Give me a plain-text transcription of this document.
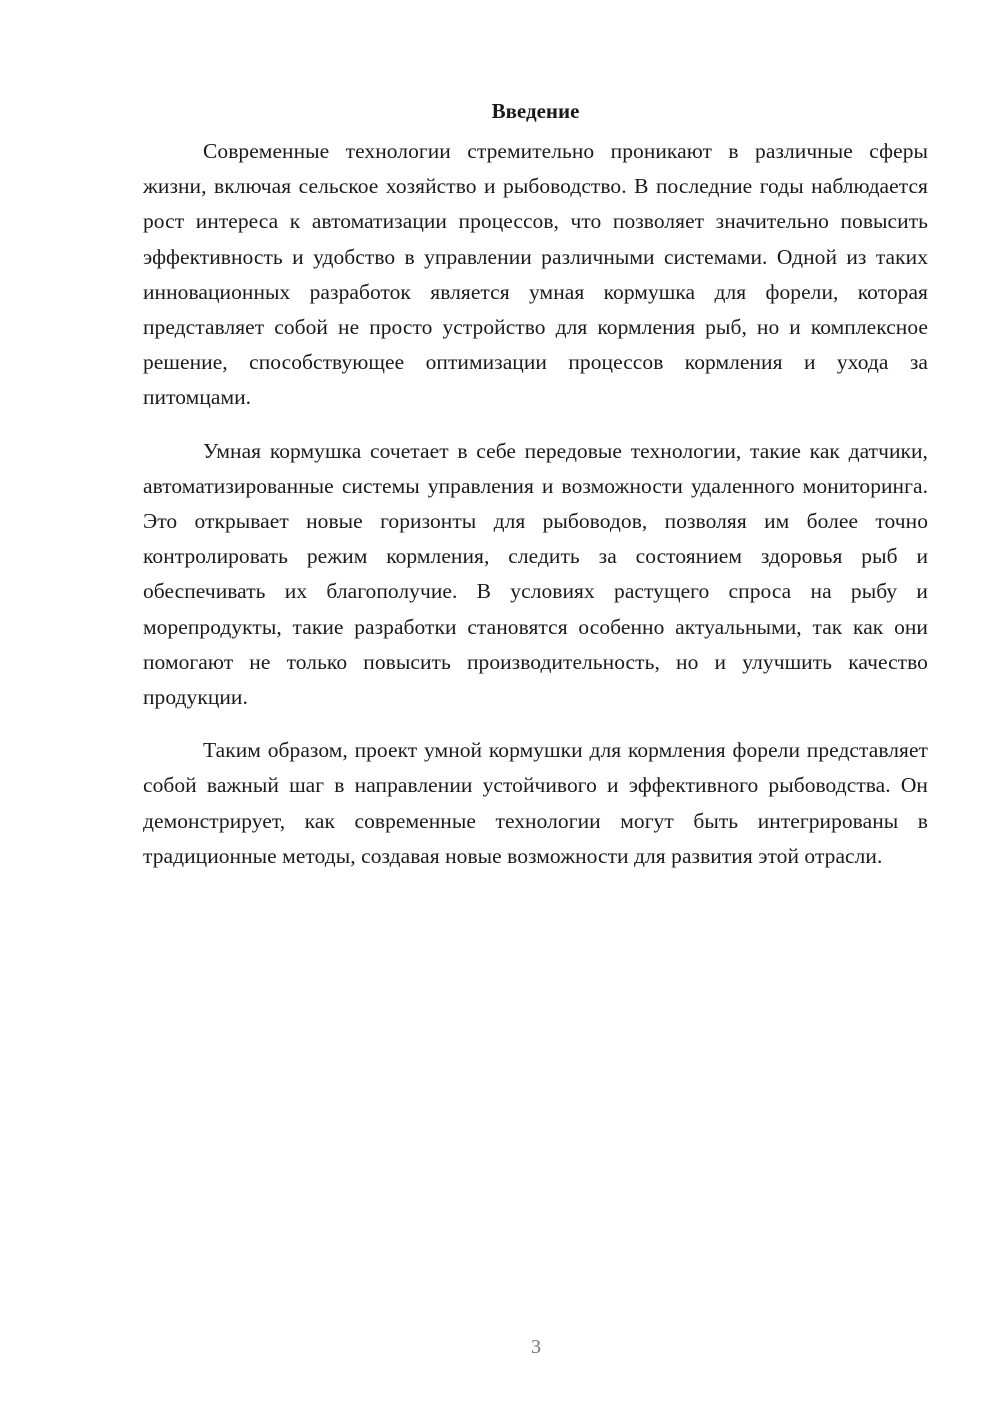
Введение

Современные технологии стремительно проникают в различные сферы жизни, включая сельское хозяйство и рыбоводство. В последние годы наблюдается рост интереса к автоматизации процессов, что позволяет значительно повысить эффективность и удобство в управлении различными системами. Одной из таких инновационных разработок является умная кормушка для форели, которая представляет собой не просто устройство для кормления рыб, но и комплексное решение, способствующее оптимизации процессов кормления и ухода за питомцами.

Умная кормушка сочетает в себе передовые технологии, такие как датчики, автоматизированные системы управления и возможности удаленного мониторинга. Это открывает новые горизонты для рыбоводов, позволяя им более точно контролировать режим кормления, следить за состоянием здоровья рыб и обеспечивать их благополучие. В условиях растущего спроса на рыбу и морепродукты, такие разработки становятся особенно актуальными, так как они помогают не только повысить производительность, но и улучшить качество продукции.

Таким образом, проект умной кормушки для кормления форели представляет собой важный шаг в направлении устойчивого и эффективного рыбоводства. Он демонстрирует, как современные технологии могут быть интегрированы в традиционные методы, создавая новые возможности для развития этой отрасли.

3
